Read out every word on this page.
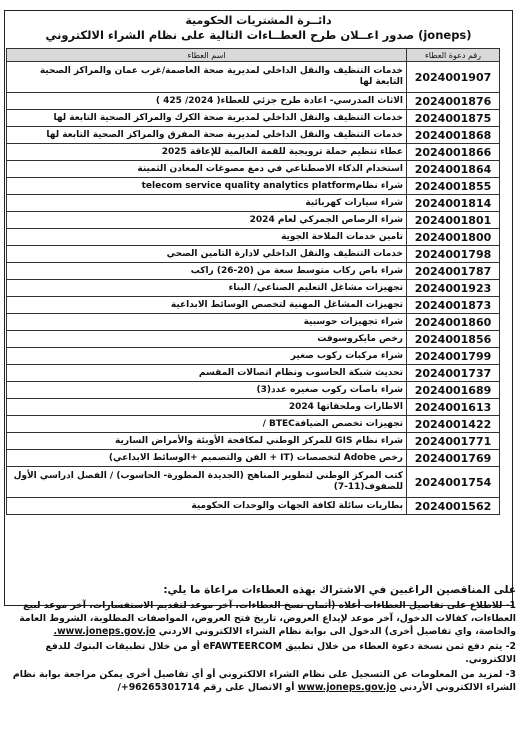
دائــرة المشتريات الحكومية
صدور اعــلان طرح العطــاءات التالية على نظام الشراء الالكتروني (joneps)
رقم دعوة العطاء	اسم العطاء
2024001907	خدمات التنظيف والنقل الداخلي لمديرية صحة العاصمة/غرب عمان والمراكز الصحية التابعة لها
2024001876	الاثاث المدرسي- اعادة طرح جزئي للعطاء( 2024/ 425 )
2024001875	خدمات التنظيف والنقل الداخلي لمديرية صحة الكرك والمراكز الصحية التابعة لها
2024001868	خدمات التنظيف والنقل الداخلي لمديرية صحة المفرق والمراكز الصحية التابعة لها
2024001866	عطاء تنظيم حملة ترويجية للقمة العالمية للإعاقة 2025
2024001864	استخدام الذكاء الاصطناعي في دمغ مصوغات المعادن الثمينة
2024001855	شراء نظامtelecom service quality analytics platform
2024001814	شراء سيارات كهربائية
2024001801	شراء الرصاص الجمركي لعام 2024
2024001800	تامين خدمات الملاحة الجوية
2024001798	خدمات التنظيف والنقل الداخلي لادارة التامين الصحي
2024001787	شراء باص ركاب متوسط سعة من (20-26) راكب
2024001923	تجهيزات مشاغل التعليم الصناعي/ البناء
2024001873	تجهيزات المشاغل المهنية لتخصص الوسائط الابداعية
2024001860	شراء تجهيزات حوسبية
2024001856	رخص مايكروسوفت
2024001799	شراء مركبات ركوب صغير
2024001737	تحديث شبكة الحاسوب ونظام اتصالات المقسم
2024001689	شراء باصات ركوب صغيره عدد(3)
2024001613	الاطارات وملحقاتها 2024
2024001422	تجهيزات تخصص الضيافةBTEC /
2024001771	شراء نظام GIS للمركز الوطني لمكافحة الأوبئة والأمراض السارية
2024001769	رخص Adobe لتخصصات (IT + الفن والتصميم +الوسائط الابداعي)
2024001754	كتب المركز الوطني لتطوير المناهج (الجديدة المطورة- الحاسوب) / الفصل ادراسي الأول للصفوف(11-7)
2024001562	بطاريات سائلة لكافة الجهات والوحدات الحكومية
على المناقصين الراغبين في الاشتراك بهذه العطاءات مراعاة ما يلي:
1- للاطلاع على تفاصيل العطاءات أعلاه (أثمان نسخ العطاءات، آخر موعد لتقديم الاستفسارات، آخر موعد لبيع العطاءات، كفالات الدخول، آخر موعد لإيداع العروض، تاريخ فتح العروض، المواصفات المطلوبة، الشروط العامة والخاصة، واي تفاصيل أخرى) الدخول الى بوابة نظام الشراء الالكتروني الاردني www.joneps.gov.jo.
2- يتم دفع ثمن نسخة دعوة العطاء من خلال تطبيق eFAWTEERCOM أو من خلال تطبيقات البنوك للدفع الالكتروني.
3- لمزيد من المعلومات عن التسجيل على نظام الشراء الالكتروني أو أي تفاصيل أخرى يمكن مراجعة بوابة نظام الشراء الالكتروني الأردني www.joneps.gov.jo أو الاتصال على رقم 96265301714+/
